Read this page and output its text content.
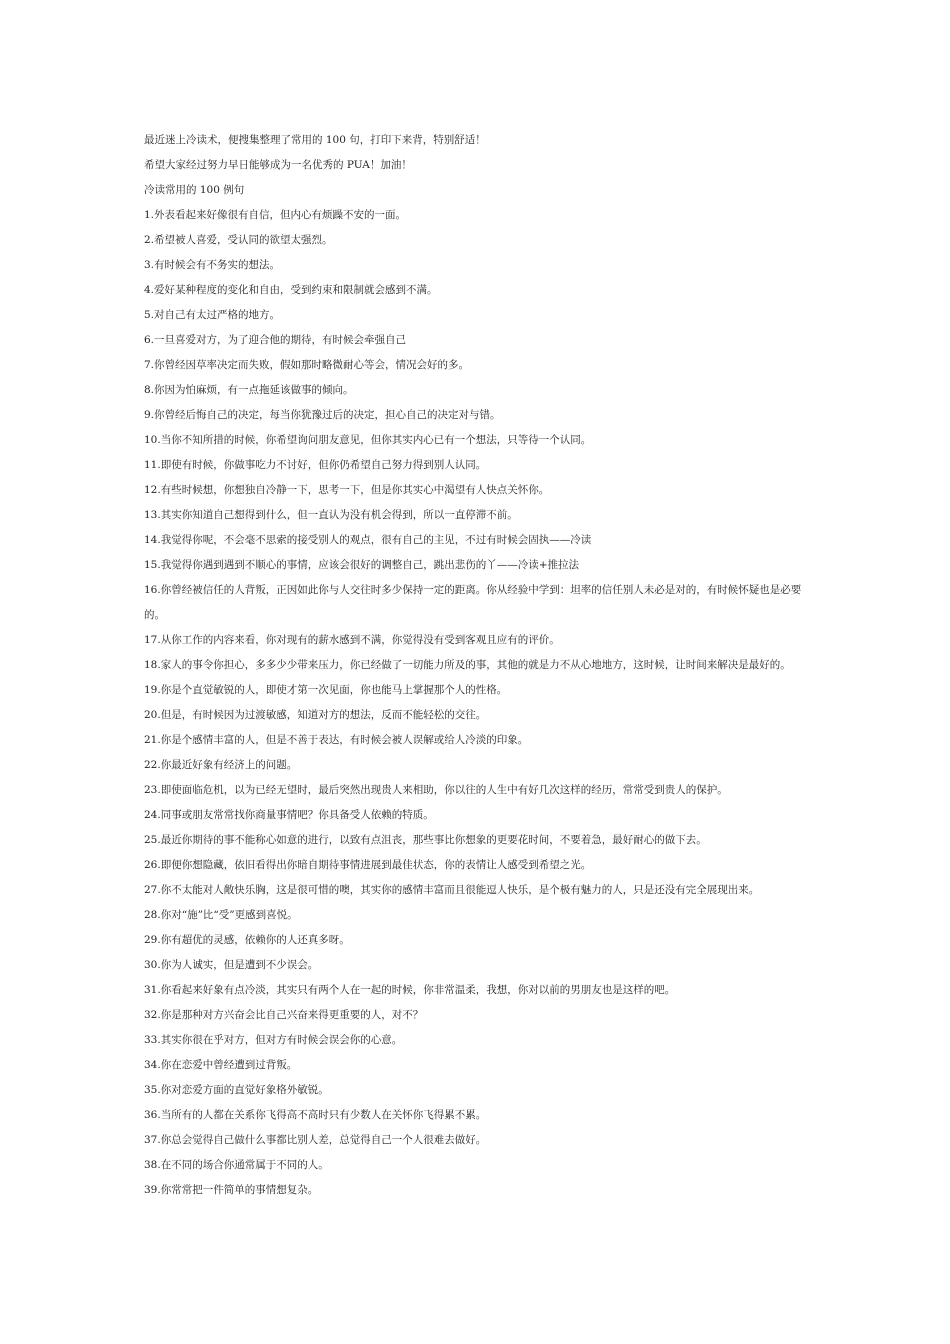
最近迷上冷读术，便搜集整理了常用的 100 句，打印下来背，特别舒适！

希望大家经过努力早日能够成为一名优秀的 PUA！加油！

冷读常用的 100 例句

1.外表看起来好像很有自信，但内心有烦躁不安的一面。

2.希望被人喜爱，受认同的欲望太强烈。

3.有时候会有不务实的想法。

4.爱好某种程度的变化和自由，受到约束和限制就会感到不满。

5.对自己有太过严格的地方。

6.一旦喜爱对方，为了迎合他的期待，有时候会牵强自己

7.你曾经因草率决定而失败，假如那时略微耐心等会，情况会好的多。

8.你因为怕麻烦，有一点拖延该做事的倾向。

9.你曾经后悔自己的决定，每当你犹豫过后的决定，担心自己的决定对与错。

10.当你不知所措的时候，你希望询问朋友意见，但你其实内心已有一个想法，只等待一个认同。

11.即使有时候，你做事吃力不讨好，但你仍希望自己努力得到别人认同。

12.有些时候想，你想独自冷静一下，思考一下，但是你其实心中渴望有人快点关怀你。

13.其实你知道自己想得到什么，但一直认为没有机会得到，所以一直停滞不前。

14.我觉得你呢，不会毫不思索的接受别人的观点，很有自己的主见，不过有时候会固执——冷读

15.我觉得你遇到遇到不顺心的事情，应该会很好的调整自己，跳出悲伤的丫——冷读+推拉法

16.你曾经被信任的人背叛，正因如此你与人交往时多少保持一定的距离。你从经验中学到：坦率的信任别人未必是对的，有时候怀疑也是必要的。

17.从你工作的内容来看，你对现有的薪水感到不满，你觉得没有受到客观且应有的评价。

18.家人的事令你担心，多多少少带来压力，你已经做了一切能力所及的事，其他的就是力不从心地地方，这时候，让时间来解决是最好的。

19.你是个直觉敏锐的人，即使才第一次见面，你也能马上掌握那个人的性格。

20.但是，有时候因为过渡敏感，知道对方的想法，反而不能轻松的交往。

21.你是个感情丰富的人，但是不善于表达，有时候会被人误解或给人冷淡的印象。

22.你最近好象有经济上的问题。

23.即使面临危机，以为已经无望时，最后突然出现贵人来相助，你以往的人生中有好几次这样的经历，常常受到贵人的保护。

24.同事或朋友常常找你商量事情吧？你具备受人依赖的特质。

25.最近你期待的事不能称心如意的进行，以致有点沮丧，那些事比你想象的更要花时间，不要着急，最好耐心的做下去。

26.即便你想隐藏，依旧看得出你暗自期待事情进展到最佳状态，你的表情让人感受到希望之光。

27.你不太能对人敞快乐胸，这是很可惜的噢，其实你的感情丰富而且很能逗人快乐，是个极有魅力的人，只是还没有完全展现出来。

28.你对“施”比“受”更感到喜悦。

29.你有超优的灵感，依赖你的人还真多呀。

30.你为人诚实，但是遭到不少误会。

31.你看起来好象有点冷淡，其实只有两个人在一起的时候，你非常温柔，我想，你对以前的男朋友也是这样的吧。

32.你是那种对方兴奋会比自己兴奋来得更重要的人，对不？

33.其实你很在乎对方，但对方有时候会误会你的心意。

34.你在恋爱中曾经遭到过背叛。

35.你对恋爱方面的直觉好象格外敏锐。

36.当所有的人都在关系你飞得高不高时只有少数人在关怀你飞得累不累。

37.你总会觉得自己做什么事都比别人差，总觉得自己一个人很难去做好。

38.在不同的场合你通常属于不同的人。

39.你常常把一件简单的事情想复杂。
